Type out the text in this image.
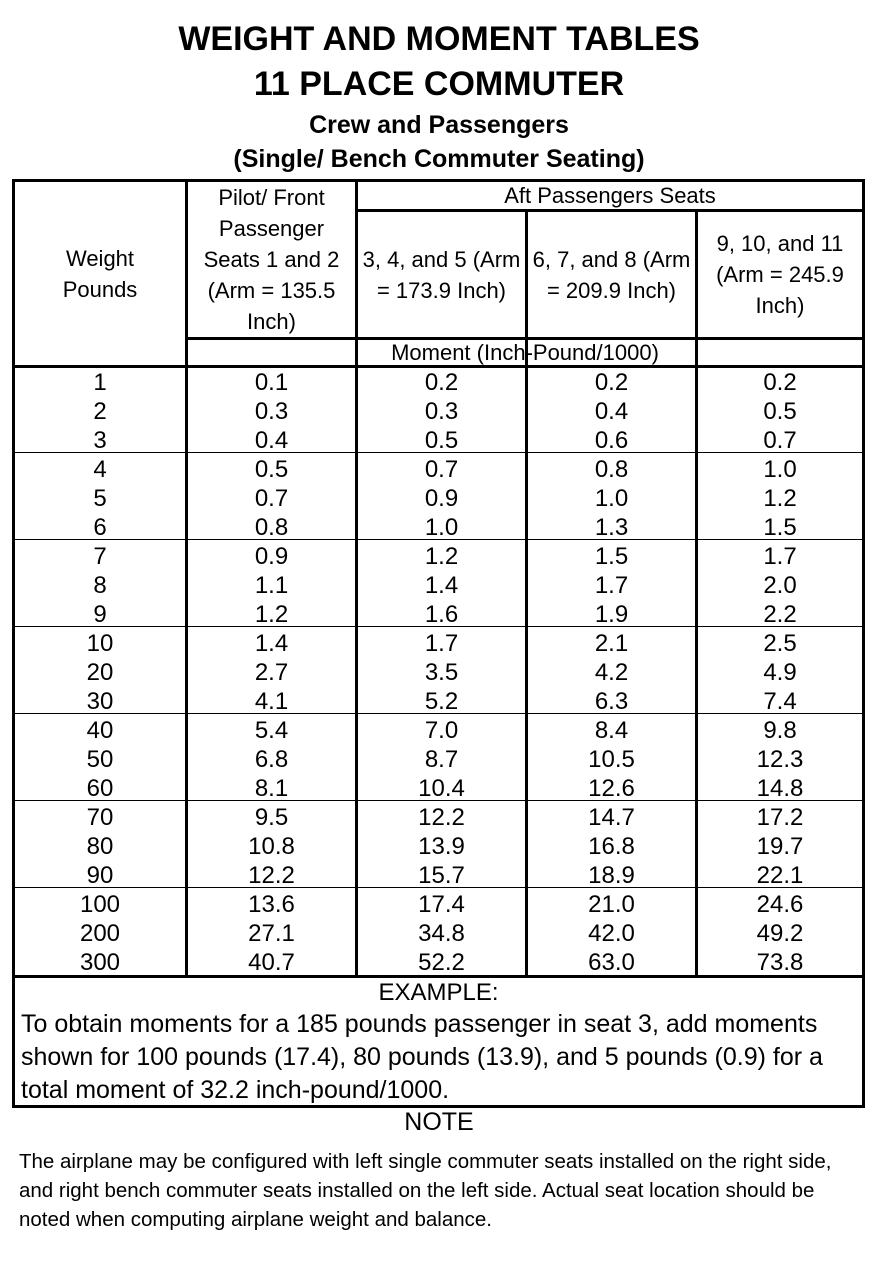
WEIGHT AND MOMENT TABLES
11 PLACE COMMUTER
Crew and Passengers
(Single/ Bench Commuter Seating)
Weight Pounds
Pilot/ Front Passenger Seats 1 and 2 (Arm = 135.5 Inch)
Aft Passengers Seats
3, 4, and 5 (Arm = 173.9 Inch)
6, 7, and 8 (Arm = 209.9 Inch)
9, 10, and 11 (Arm = 245.9 Inch)
Moment (Inch-Pound/1000)
1
2
3
4
5
6
7
8
9
10
20
30
40
50
60
70
80
90
100
200
300
0.1
0.3
0.4
0.5
0.7
0.8
0.9
1.1
1.2
1.4
2.7
4.1
5.4
6.8
8.1
9.5
10.8
12.2
13.6
27.1
40.7
0.2
0.3
0.5
0.7
0.9
1.0
1.2
1.4
1.6
1.7
3.5
5.2
7.0
8.7
10.4
12.2
13.9
15.7
17.4
34.8
52.2
0.2
0.4
0.6
0.8
1.0
1.3
1.5
1.7
1.9
2.1
4.2
6.3
8.4
10.5
12.6
14.7
16.8
18.9
21.0
42.0
63.0
0.2
0.5
0.7
1.0
1.2
1.5
1.7
2.0
2.2
2.5
4.9
7.4
9.8
12.3
14.8
17.2
19.7
22.1
24.6
49.2
73.8
EXAMPLE:
To obtain moments for a 185 pounds passenger in seat 3, add moments shown for 100 pounds (17.4), 80 pounds (13.9), and 5 pounds (0.9) for a total moment of 32.2 inch-pound/1000.
NOTE
The airplane may be configured with left single commuter seats installed on the right side, and right bench commuter seats installed on the left side. Actual seat location should be noted when computing airplane weight and balance.
